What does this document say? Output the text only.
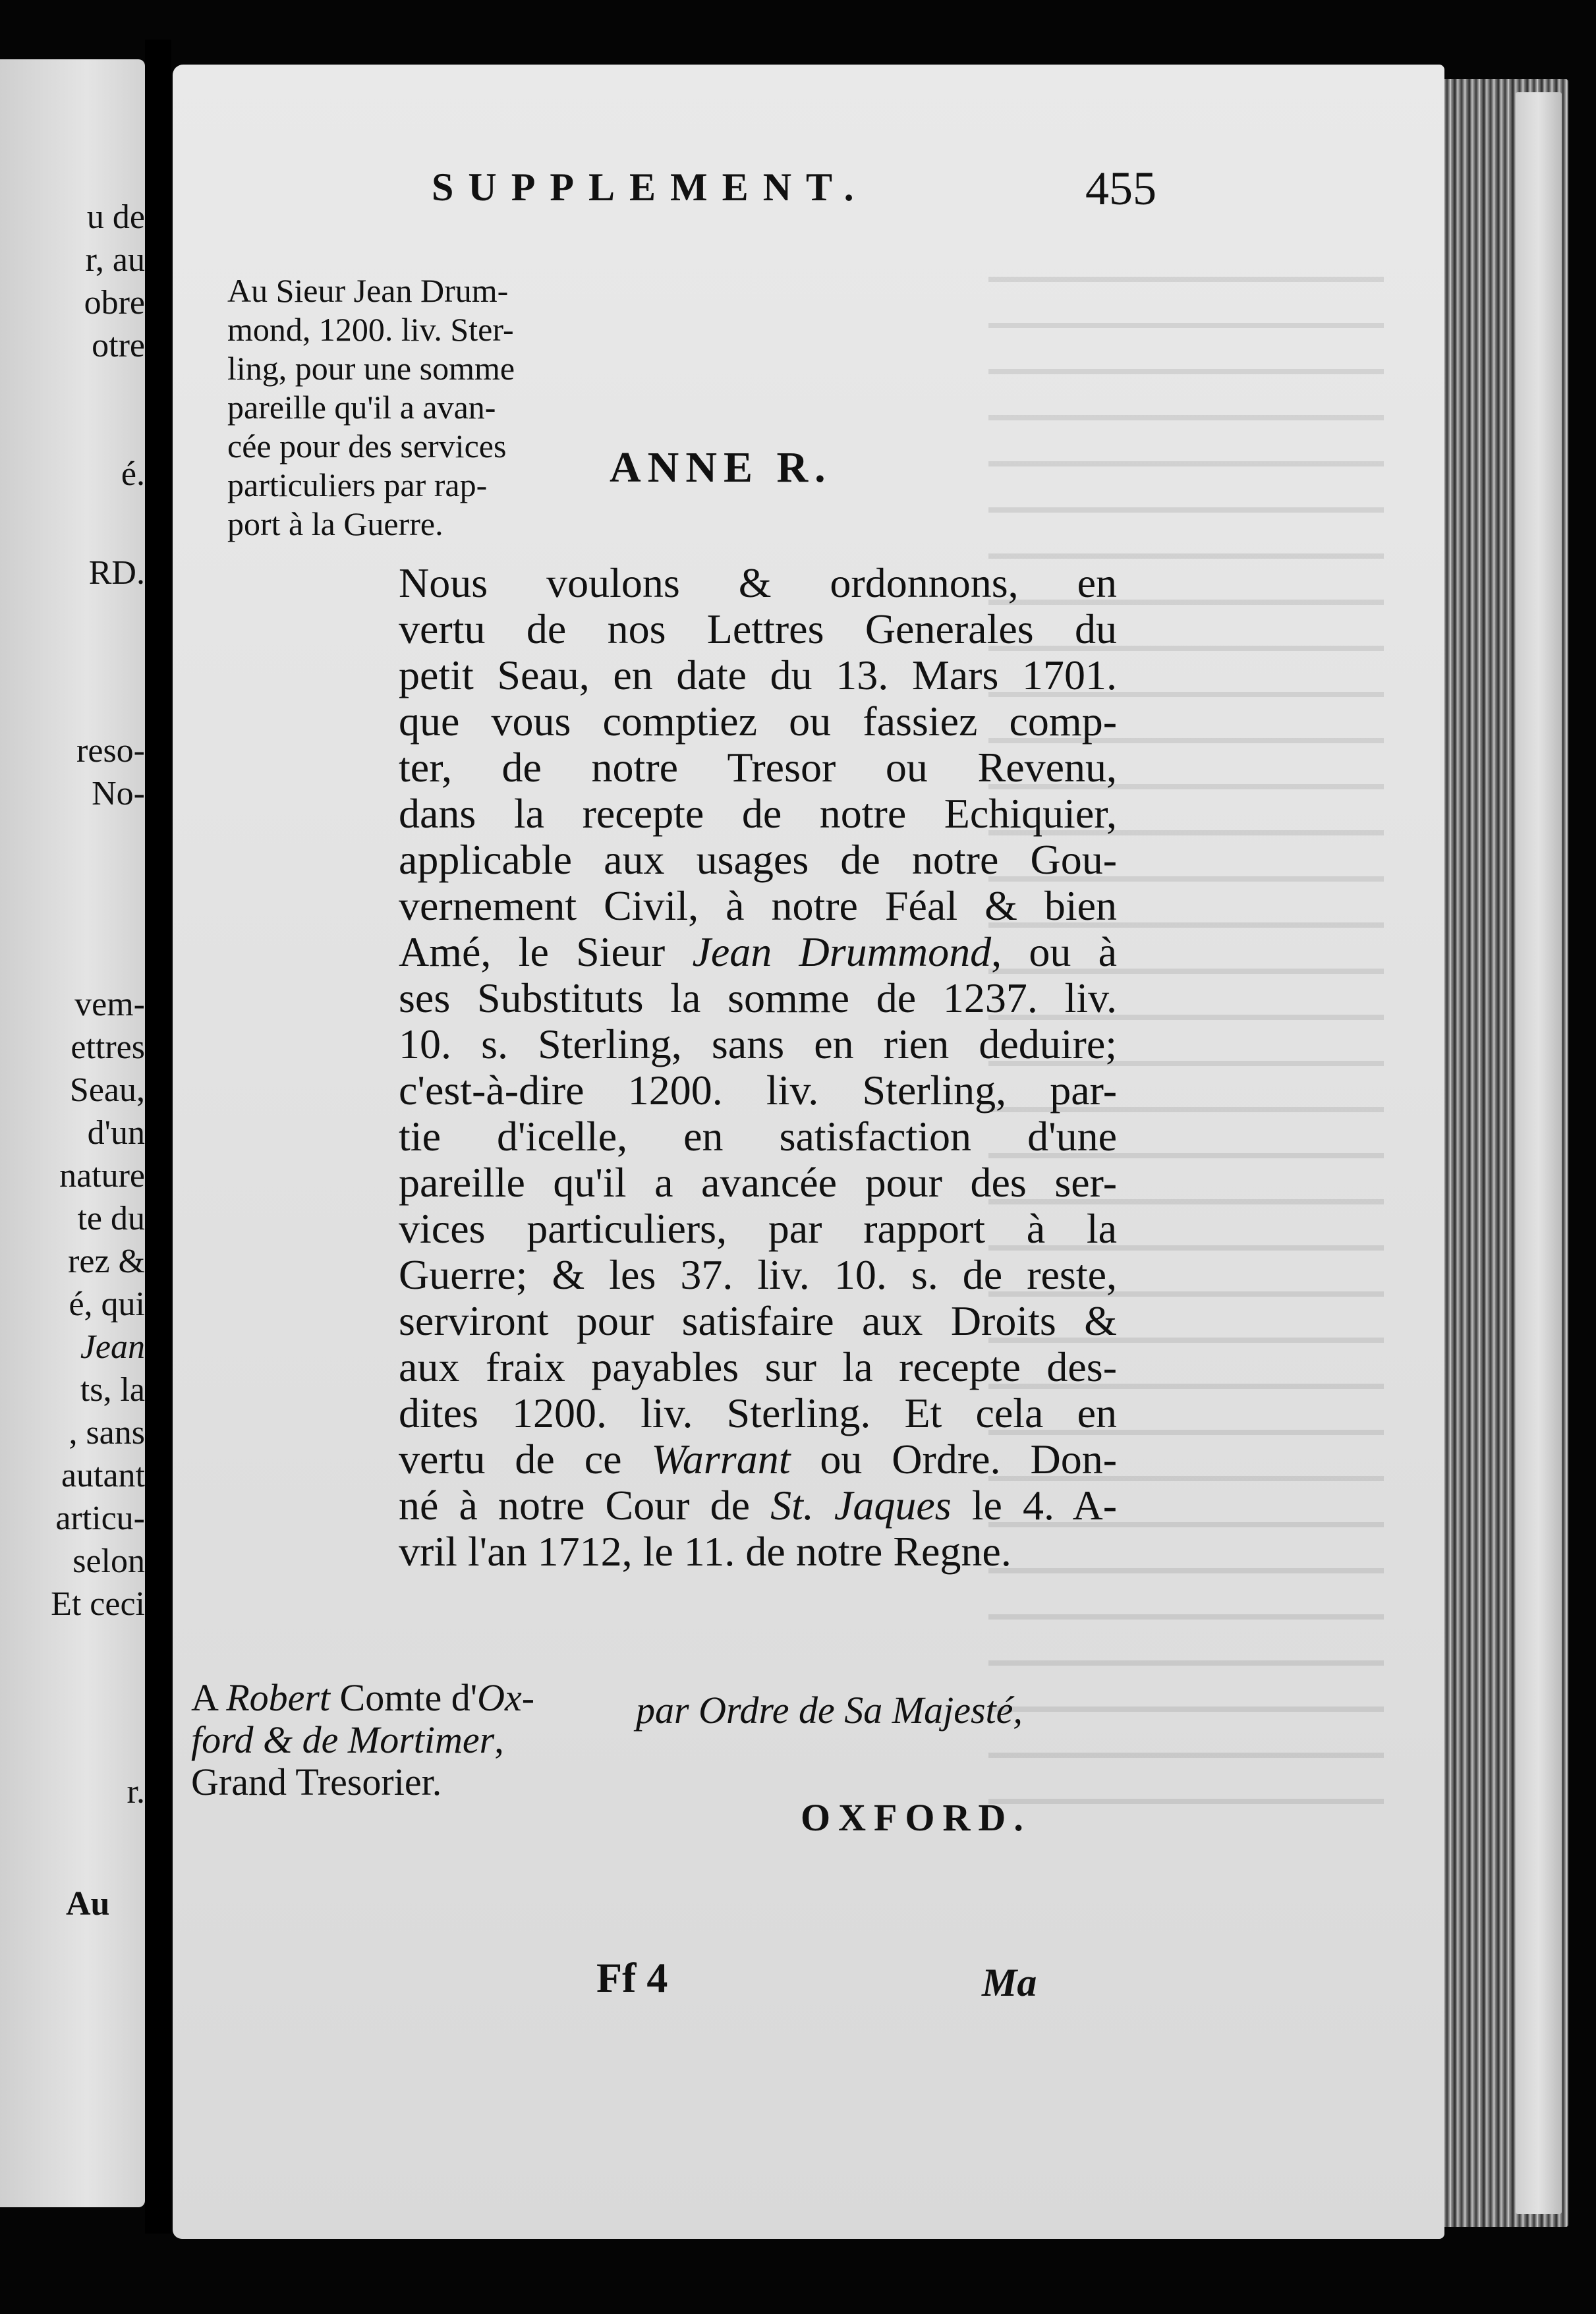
u de
r, au
obre
otre
é.
RD.
reso-
No-
vem-
ettres
Seau,
d'un
nature
te du
rez &
é, qui
Jean
ts, la
, sans
autant
articu-
selon
Et ceci
r.
Au
SUPPLEMENT.	455
Au Sieur Jean Drum-
mond, 1200. liv. Ster-
ling, pour une somme
pareille qu'il a avan-
cée pour des services
particuliers par rap-
port à la Guerre.
ANNE R.
Nous voulons & ordonnons, en
vertu de nos Lettres Generales du
petit Seau, en date du 13. Mars 1701.
que vous comptiez ou fassiez comp-
ter, de notre Tresor ou Revenu,
dans la recepte de notre Echiquier,
applicable aux usages de notre Gou-
vernement Civil, à notre Féal & bien
Amé, le Sieur Jean Drummond, ou à
ses Substituts la somme de 1237. liv.
10. s. Sterling, sans en rien deduire;
c'est-à-dire 1200. liv. Sterling, par-
tie d'icelle, en satisfaction d'une
pareille qu'il a avancée pour des ser-
vices particuliers, par rapport à la
Guerre; & les 37. liv. 10. s. de reste,
serviront pour satisfaire aux Droits &
aux fraix payables sur la recepte des-
dites 1200. liv. Sterling. Et cela en
vertu de ce Warrant ou Ordre. Don-
né à notre Cour de St. Jaques le 4. A-
vril l'an 1712, le 11. de notre Regne.
A Robert Comte d'Ox-
ford & de Mortimer,
Grand Tresorier.
par Ordre de Sa Majesté,
OXFORD.
Ff 4	Ma
